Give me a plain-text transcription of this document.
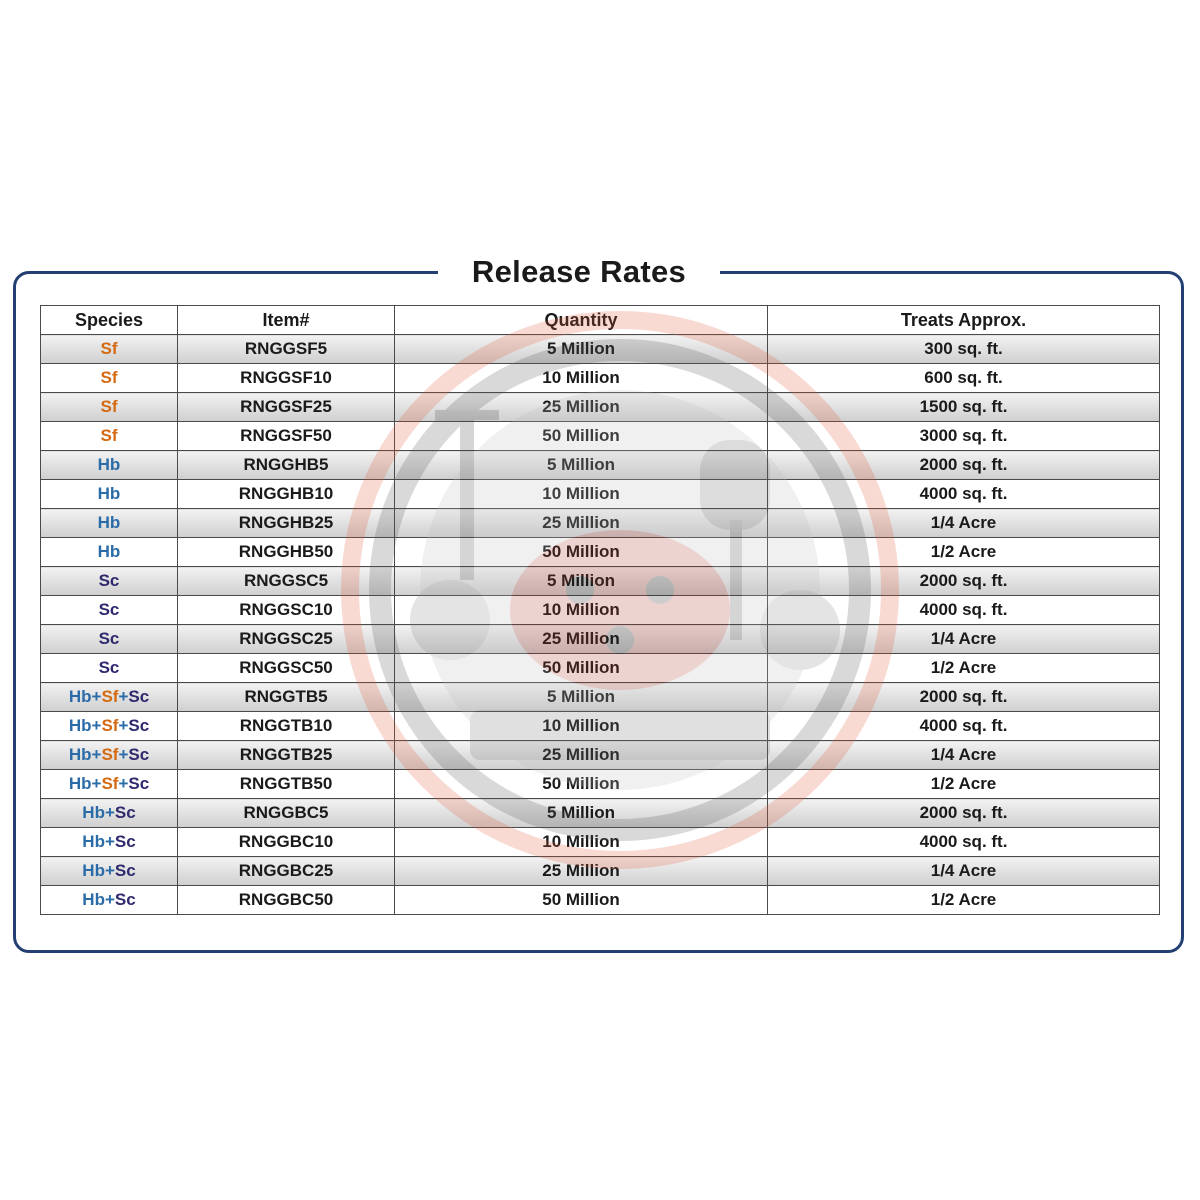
Release Rates
Species	Item#	Quantity	Treats Approx.
Sf	RNGGSF5	5 Million	300 sq. ft.
Sf	RNGGSF10	10 Million	600 sq. ft.
Sf	RNGGSF25	25 Million	1500 sq. ft.
Sf	RNGGSF50	50 Million	3000 sq. ft.
Hb	RNGGHB5	5 Million	2000 sq. ft.
Hb	RNGGHB10	10 Million	4000 sq. ft.
Hb	RNGGHB25	25 Million	1/4 Acre
Hb	RNGGHB50	50 Million	1/2 Acre
Sc	RNGGSC5	5 Million	2000 sq. ft.
Sc	RNGGSC10	10 Million	4000 sq. ft.
Sc	RNGGSC25	25 Million	1/4 Acre
Sc	RNGGSC50	50 Million	1/2 Acre
Hb+Sf+Sc	RNGGTB5	5 Million	2000 sq. ft.
Hb+Sf+Sc	RNGGTB10	10 Million	4000 sq. ft.
Hb+Sf+Sc	RNGGTB25	25 Million	1/4 Acre
Hb+Sf+Sc	RNGGTB50	50 Million	1/2 Acre
Hb+Sc	RNGGBC5	5 Million	2000 sq. ft.
Hb+Sc	RNGGBC10	10 Million	4000 sq. ft.
Hb+Sc	RNGGBC25	25 Million	1/4 Acre
Hb+Sc	RNGGBC50	50 Million	1/2 Acre
